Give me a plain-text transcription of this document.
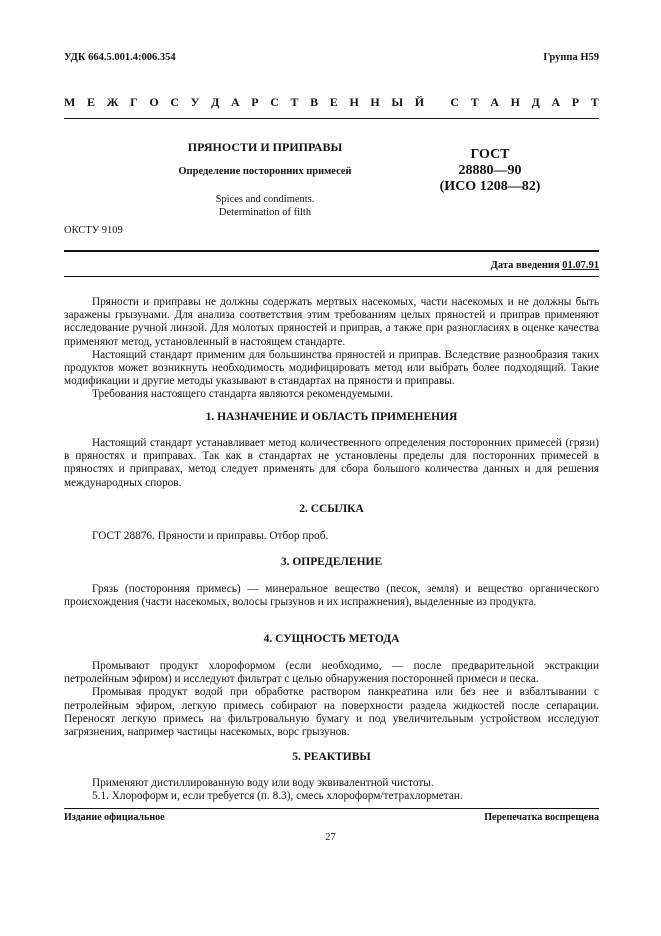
УДК 664.5.001.4:006.354	Группа Н59
М Е Ж Г О С У Д А Р С Т В Е Н Н Ы Й
С Т А Н Д А Р Т
ПРЯНОСТИ И ПРИПРАВЫ
Определение посторонних примесей
Spices and condiments.
Determination of filth
ГОСТ
28880—90
(ИСО 1208—82)
ОКСТУ 9109
Дата введения 01.07.91

Пряности и приправы не должны содержать мертвых насекомых, части насекомых и не должны быть заражены грызунами. Для анализа соответствия этим требованиям целых пряностей и приправ применяют исследование ручной линзой. Для молотых пряностей и приправ, а также при разногласиях в оценке качества применяют метод, установленный в настоящем стандарте.

Настоящий стандарт применим для большинства пряностей и приправ. Вследствие разнообразия таких продуктов может возникнуть необходимость модифицировать метод или выбрать более подходящий. Такие модификации и другие методы указывают в стандартах на пряности и приправы.

Требования настоящего стандарта являются рекомендуемыми.

1. НАЗНАЧЕНИЕ И ОБЛАСТЬ ПРИМЕНЕНИЯ

Настоящий стандарт устанавливает метод количественного определения посторонних примесей (грязи) в пряностях и приправах. Так как в стандартах не установлены пределы для посторонних примесей в пряностях и приправах, метод следует применять для сбора большого количества данных и для решения международных споров.

2. ССЫЛКА

ГОСТ 28876. Пряности и приправы. Отбор проб.

3. ОПРЕДЕЛЕНИЕ

Грязь (посторонняя примесь) — минеральное вещество (песок, земля) и вещество органического происхождения (части насекомых, волосы грызунов и их испражнения), выделенные из продукта.

4. СУЩНОСТЬ МЕТОДА

Промывают продукт хлороформом (если необходимо, — после предварительной экстракции петролейным эфиром) и исследуют фильтрат с целью обнаружения посторонней примеси и песка.

Промывая продукт водой при обработке раствором панкреатина или без нее и взбалтывании с петролейным эфиром, легкую примесь собирают на поверхности раздела жидкостей после сепарации. Переносят легкую примесь на фильтровальную бумагу и под увеличительным устройством исследуют загрязнения, например частицы насекомых, ворс грызунов.

5. РЕАКТИВЫ

Применяют дистиллированную воду или воду эквивалентной чистоты.

5.1. Хлороформ и, если требуется (п. 8.3), смесь хлороформ/тетрахлорметан.

Издание официальное	Перепечатка воспрещена
27
